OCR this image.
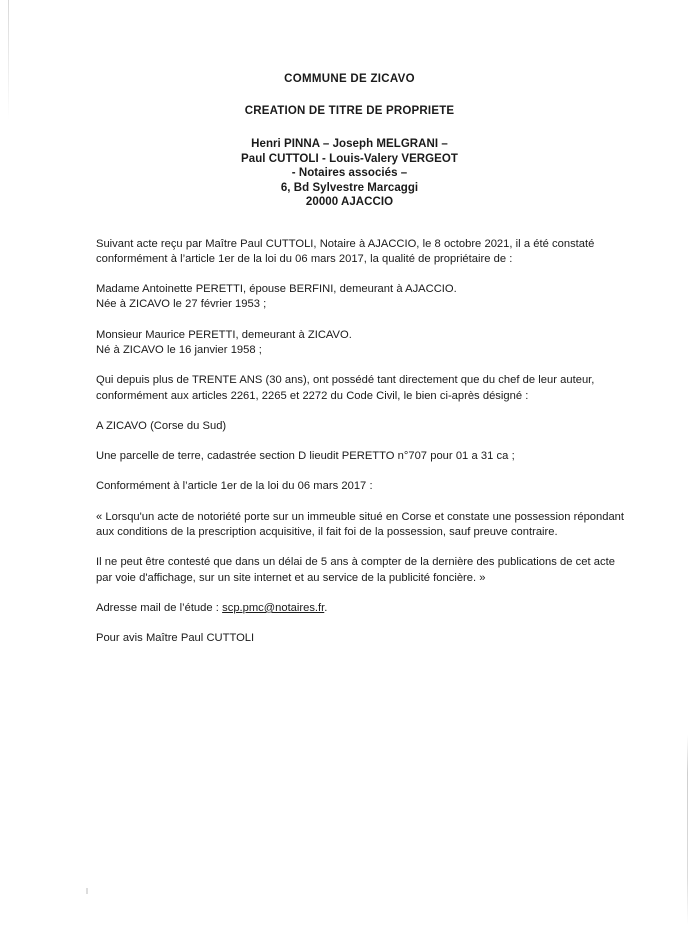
COMMUNE DE ZICAVO
CREATION DE TITRE DE PROPRIETE
Henri PINNA – Joseph MELGRANI –
Paul CUTTOLI - Louis-Valery VERGEOT
- Notaires associés –
6, Bd Sylvestre Marcaggi
20000 AJACCIO

Suivant acte reçu par Maître Paul CUTTOLI, Notaire à AJACCIO, le 8 octobre 2021, il a été constaté
conformément à l’article 1er de la loi du 06 mars 2017, la qualité de propriétaire de :

Madame Antoinette PERETTI, épouse BERFINI, demeurant à AJACCIO.
Née à ZICAVO le 27 février 1953 ;

Monsieur Maurice PERETTI, demeurant à ZICAVO.
Né à ZICAVO le 16 janvier 1958 ;

Qui depuis plus de TRENTE ANS (30 ans), ont possédé tant directement que du chef de leur auteur,
conformément aux articles 2261, 2265 et 2272 du Code Civil, le bien ci-après désigné :

A ZICAVO (Corse du Sud)

Une parcelle de terre, cadastrée section D lieudit PERETTO n°707 pour 01 a 31 ca ;

Conformément à l’article 1er de la loi du 06 mars 2017 :

« Lorsqu'un acte de notoriété porte sur un immeuble situé en Corse et constate une possession répondant
aux conditions de la prescription acquisitive, il fait foi de la possession, sauf preuve contraire.

Il ne peut être contesté que dans un délai de 5 ans à compter de la dernière des publications de cet acte
par voie d'affichage, sur un site internet et au service de la publicité foncière. »

Adresse mail de l’étude : scp.pmc@notaires.fr.

Pour avis Maître Paul CUTTOLI
